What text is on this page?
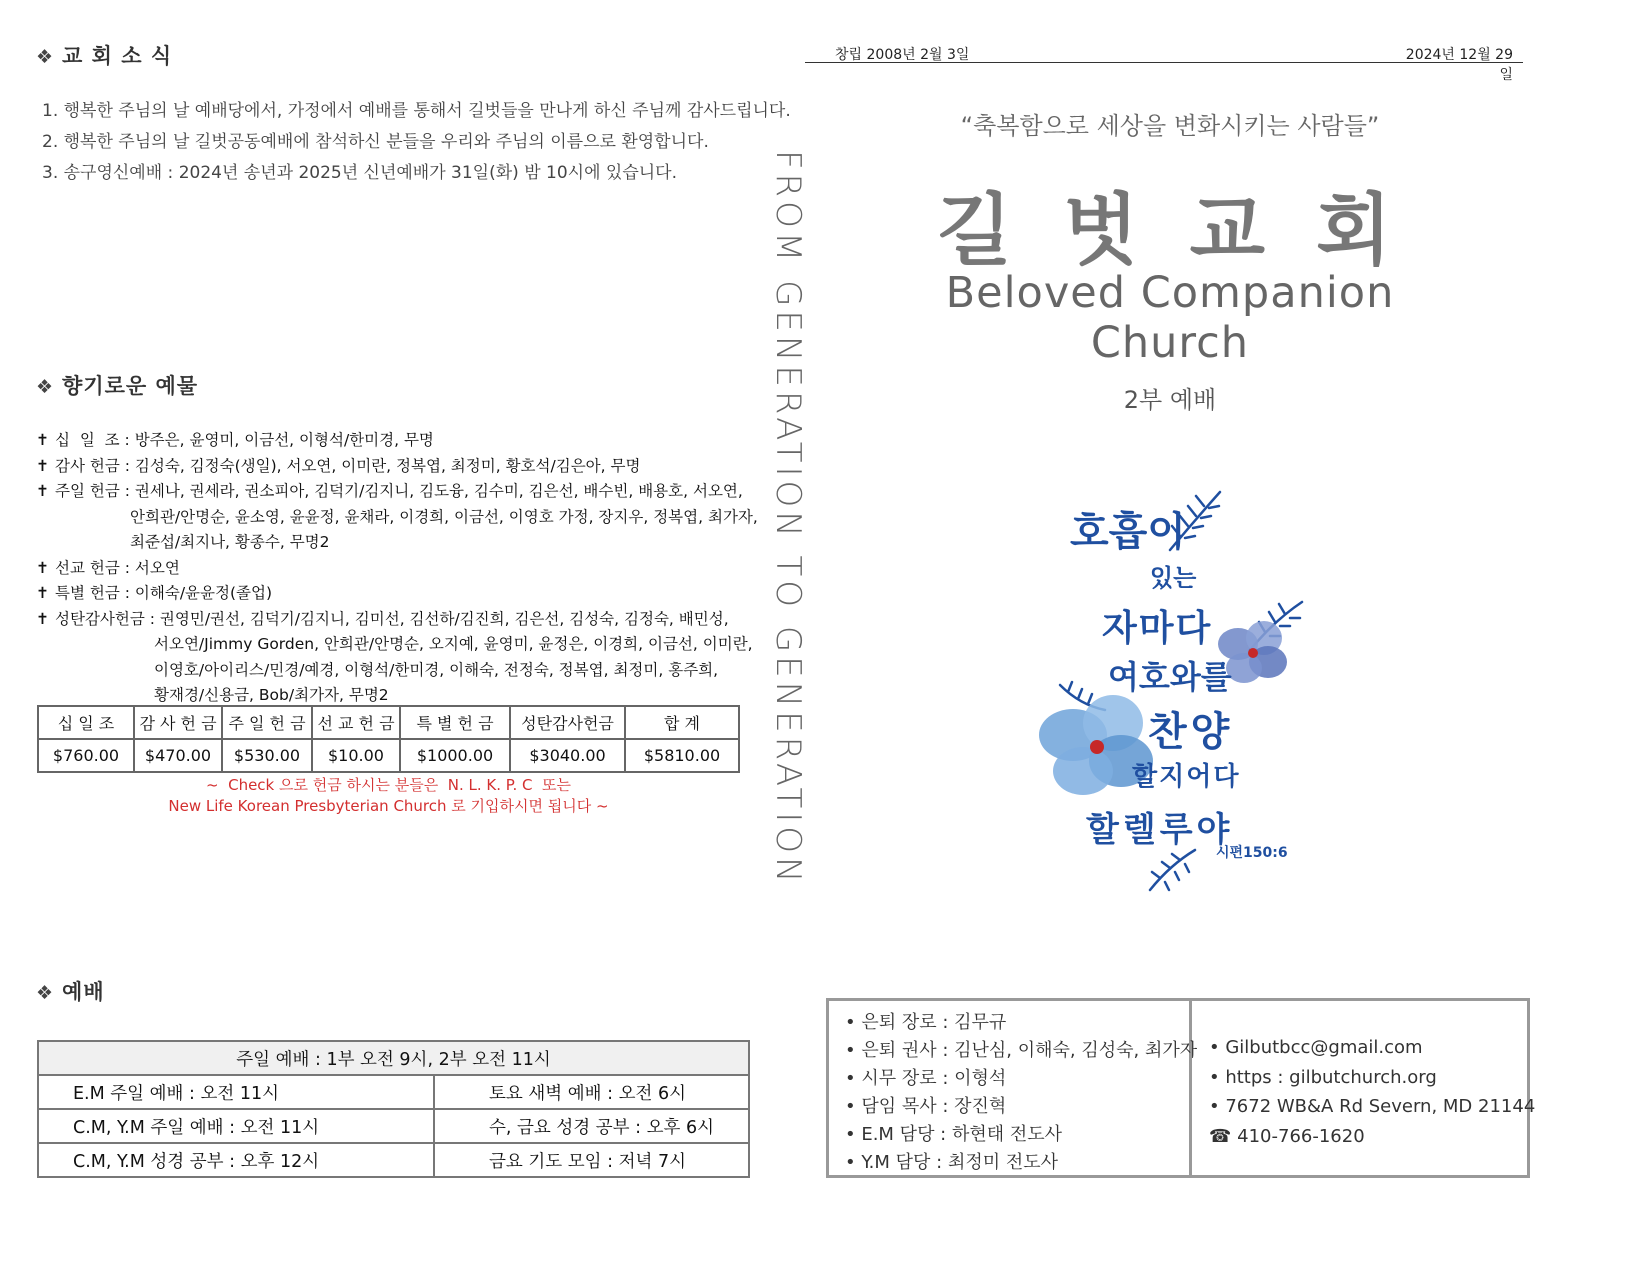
❖ 교 회 소 식
1. 행복한 주님의 날 예배당에서, 가정에서 예배를 통해서 길벗들을 만나게 하신 주님께 감사드립니다.
2. 행복한 주님의 날 길벗공동예배에 참석하신 분들을 우리와 주님의 이름으로 환영합니다.
3. 송구영신예배 : 2024년 송년과 2025년 신년예배가 31일(화) 밤 10시에 있습니다.
❖ 향기로운 예물
✝ 십  일  조 : 방주은, 윤영미, 이금선, 이형석/한미경, 무명
✝ 감사 헌금 : 김성숙, 김정숙(생일), 서오연, 이미란, 정복엽, 최정미, 황호석/김은아, 무명
✝ 주일 헌금 : 권세나, 권세라, 권소피아, 김덕기/김지니, 김도융, 김수미, 김은선, 배수빈, 배용호, 서오연,
안희관/안명순, 윤소영, 윤윤정, 윤채라, 이경희, 이금선, 이영호 가정, 장지우, 정복엽, 최가자,
최준섭/최지나, 황종수, 무명2
✝ 선교 헌금 : 서오연
✝ 특별 헌금 : 이해숙/윤윤정(졸업)
✝ 성탄감사헌금 : 권영민/권선, 김덕기/김지니, 김미선, 김선하/김진희, 김은선, 김성숙, 김정숙, 배민성,
서오연/Jimmy Gorden, 안희관/안명순, 오지예, 윤영미, 윤정은, 이경희, 이금선, 이미란,
이영호/아이리스/민경/예경, 이형석/한미경, 이해숙, 전정숙, 정복엽, 최정미, 홍주희,
황재경/신용금, Bob/최가자, 무명2
십 일 조	감 사 헌 금	주 일 헌 금	선 교 헌 금	특 별 헌 금	성탄감사헌금	합 계
$760.00	$470.00	$530.00	$10.00	$1000.00	$3040.00	$5810.00
~  Check 으로 헌금 하시는 분들은  N. L. K. P. C  또는
New Life Korean Presbyterian Church 로 기입하시면 됩니다 ~
❖ 예배
주일 예배 : 1부 오전 9시, 2부 오전 11시	
E.M 주일 예배 : 오전 11시	토요 새벽 예배 : 오전 6시
C.M, Y.M 주일 예배 : 오전 11시	수, 금요 성경 공부 : 오후 6시
C.M, Y.M 성경 공부 : 오후 12시	금요 기도 모임 : 저녁 7시
FROM GENERATION TO GENERATION
창립 2008년 2월 3일	2024년 12월 29일
“축복함으로 세상을 변화시키는 사람들”
길 벗 교 회
Beloved Companion Church
2부 예배
호흡이
있는
자마다
여호와를
찬양
할지어다
할렐루야
시편150:6
• 은퇴 장로 : 김무규
• 은퇴 권사 : 김난심, 이해숙, 김성숙, 최가자
• 시무 장로 : 이형석
• 담임 목사 : 장진혁
• E.M 담당 : 하현태 전도사
• Y.M 담당 : 최정미 전도사
• Gilbutbcc@gmail.com
• https : gilbutchurch.org
• 7672 WB&A Rd Severn, MD 21144
☎ 410-766-1620
